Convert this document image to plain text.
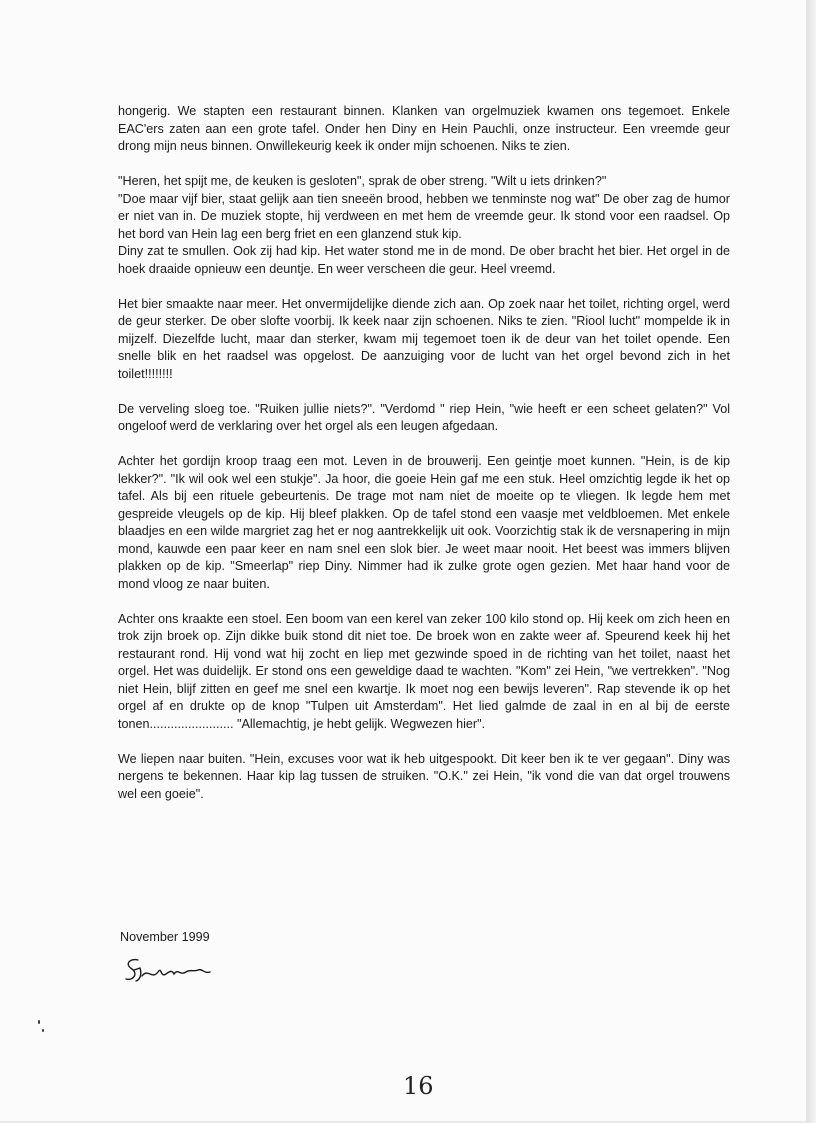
hongerig. We stapten een restaurant binnen. Klanken van orgelmuziek kwamen ons tegemoet. Enkele EAC'ers zaten aan een grote tafel. Onder hen Diny en Hein Pauchli, onze instructeur. Een vreemde geur drong mijn neus binnen. Onwillekeurig keek ik onder mijn schoenen. Niks te zien.

"Heren, het spijt me, de keuken is gesloten", sprak de ober streng. "Wilt u iets drinken?"

"Doe maar vijf bier, staat gelijk aan tien sneeën brood, hebben we tenminste nog wat" De ober zag de humor er niet van in. De muziek stopte, hij verdween en met hem de vreemde geur. Ik stond voor een raadsel. Op het bord van Hein lag een berg friet en een glanzend stuk kip.

Diny zat te smullen. Ook zij had kip. Het water stond me in de mond. De ober bracht het bier. Het orgel in de hoek draaide opnieuw een deuntje. En weer verscheen die geur. Heel vreemd.

Het bier smaakte naar meer. Het onvermijdelijke diende zich aan. Op zoek naar het toilet, richting orgel, werd de geur sterker. De ober slofte voorbij. Ik keek naar zijn schoenen. Niks te zien. "Riool lucht" mompelde ik in mijzelf. Diezelfde lucht, maar dan sterker, kwam mij tegemoet toen ik de deur van het toilet opende. Een snelle blik en het raadsel was opgelost. De aanzuiging voor de lucht van het orgel bevond zich in het toilet!!!!!!!!

De verveling sloeg toe. "Ruiken jullie niets?". "Verdomd " riep Hein, "wie heeft er een scheet gelaten?" Vol ongeloof werd de verklaring over het orgel als een leugen afgedaan.

Achter het gordijn kroop traag een mot. Leven in de brouwerij. Een geintje moet kunnen. "Hein, is de kip lekker?". "Ik wil ook wel een stukje". Ja hoor, die goeie Hein gaf me een stuk. Heel omzichtig legde ik het op tafel. Als bij een rituele gebeurtenis. De trage mot nam niet de moeite op te vliegen. Ik legde hem met gespreide vleugels op de kip. Hij bleef plakken. Op de tafel stond een vaasje met veldbloemen. Met enkele blaadjes en een wilde margriet zag het er nog aantrekkelijk uit ook. Voorzichtig stak ik de versnapering in mijn mond, kauwde een paar keer en nam snel een slok bier. Je weet maar nooit. Het beest was immers blijven plakken op de kip. "Smeerlap" riep Diny. Nimmer had ik zulke grote ogen gezien. Met haar hand voor de mond vloog ze naar buiten.

Achter ons kraakte een stoel. Een boom van een kerel van zeker 100 kilo stond op. Hij keek om zich heen en trok zijn broek op. Zijn dikke buik stond dit niet toe. De broek won en zakte weer af. Speurend keek hij het restaurant rond. Hij vond wat hij zocht en liep met gezwinde spoed in de richting van het toilet, naast het orgel. Het was duidelijk. Er stond ons een geweldige daad te wachten. "Kom" zei Hein, "we vertrekken". "Nog niet Hein, blijf zitten en geef me snel een kwartje. Ik moet nog een bewijs leveren". Rap stevende ik op het orgel af en drukte op de knop "Tulpen uit Amsterdam". Het lied galmde de zaal in en al bij de eerste tonen........................ "Allemachtig, je hebt gelijk. Wegwezen hier".

We liepen naar buiten. "Hein, excuses voor wat ik heb uitgespookt. Dit keer ben ik te ver gegaan". Diny was nergens te bekennen. Haar kip lag tussen de struiken. "O.K." zei Hein, "ik vond die van dat orgel trouwens wel een goeie".

November 1999
16
